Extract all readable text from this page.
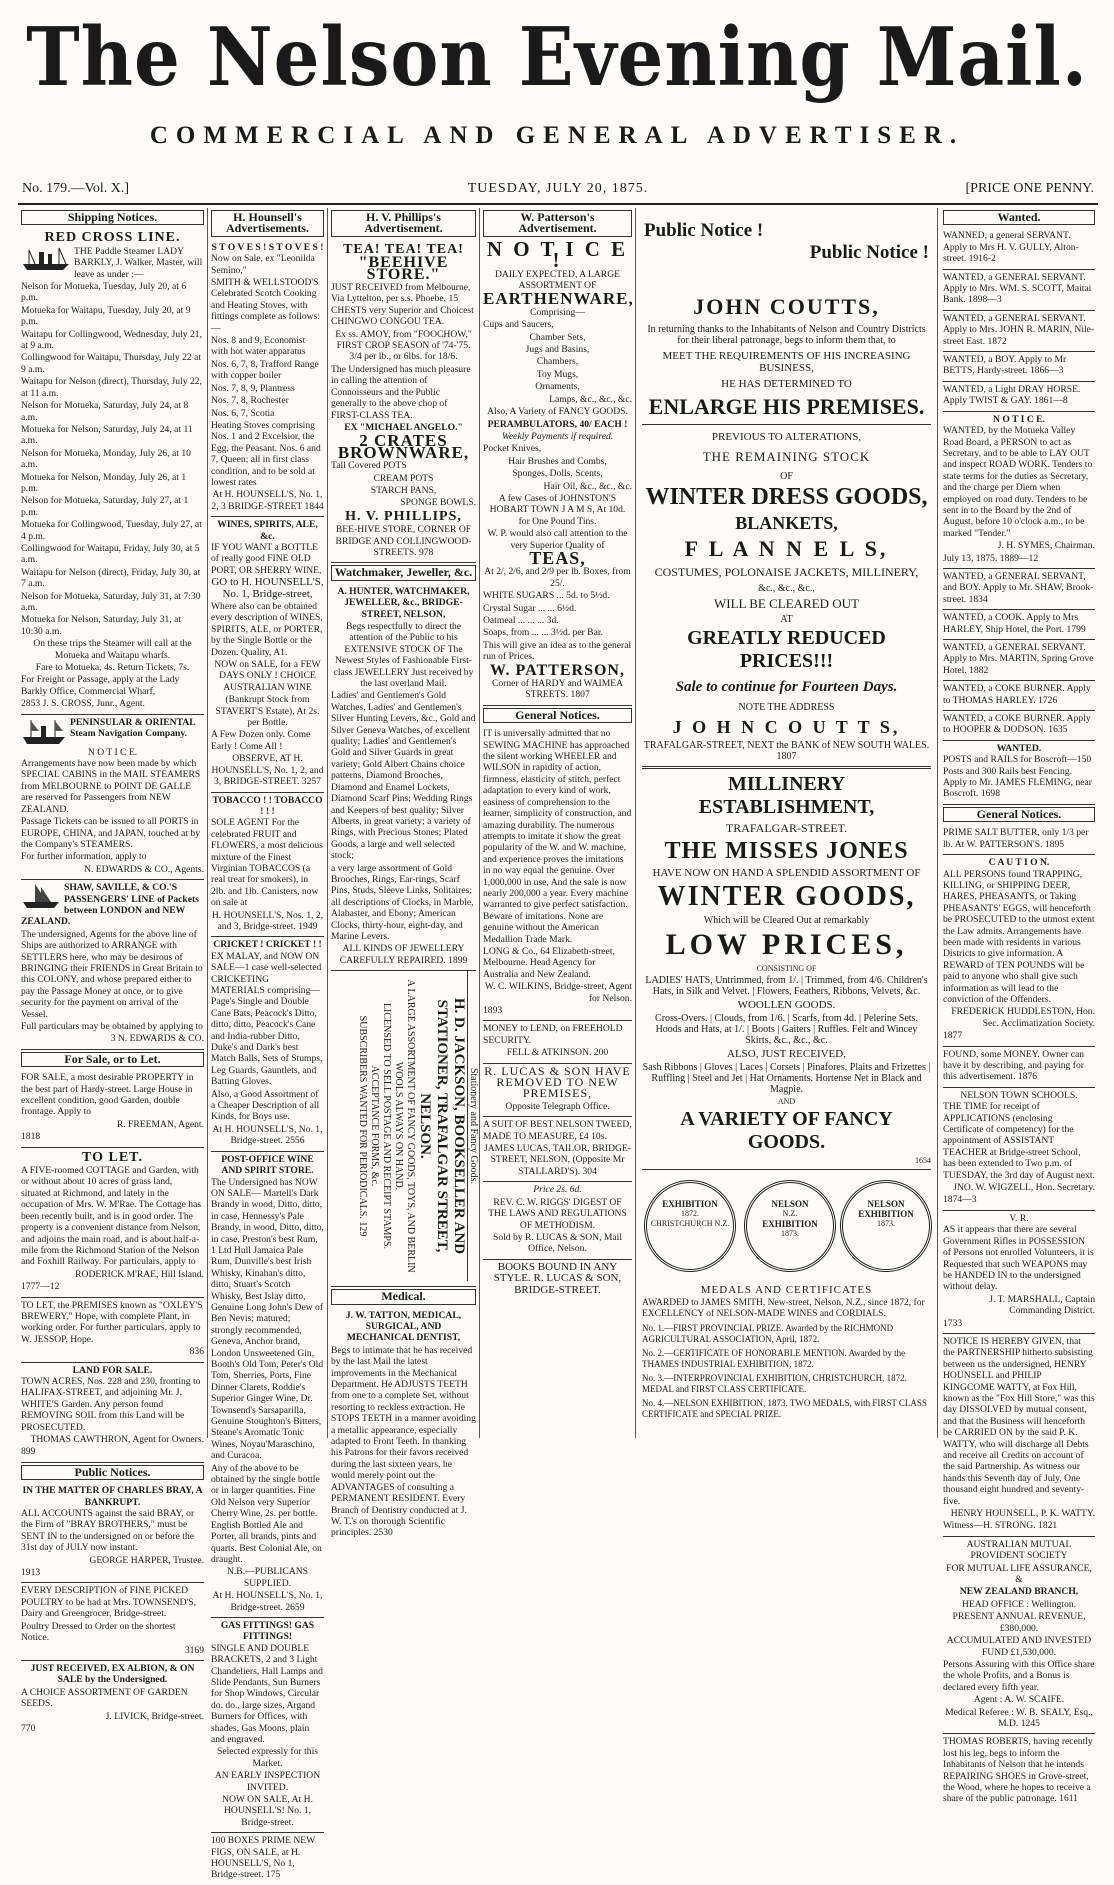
The Nelson Evening Mail.
COMMERCIAL AND GENERAL ADVERTISER.
No. 179.—Vol. X.]	TUESDAY, JULY 20, 1875.	[PRICE ONE PENNY.
Shipping Notices.
RED CROSS LINE.

THE Paddle Steamer LADY BARKLY, J. Walker, Master, will leave as under :—

Nelson for Motueka, Tuesday, July 20, at 6 p.m.

Motueka for Waitapu, Tuesday, July 20, at 9 p.m.

Waitapu for Collingwood, Wednesday, July 21, at 9 a.m.

Collingwood for Waitapu, Thursday, July 22 at 9 a.m.

Waitapu for Nelson (direct), Thursday, July 22, at 11 a.m.

Nelson for Motueka, Saturday, July 24, at 8 a.m.

Motueka for Nelson, Saturday, July 24, at 11 a.m.

Nelson for Motueka, Monday, July 26, at 10 a.m.

Motueka for Nelson, Monday, July 26, at 1 p.m.

Nelson for Motueka, Saturday, July 27, at 1 p.m.

Motueka for Collingwood, Tuesday, July 27, at 4 p.m.

Collingwood for Waitapu, Friday, July 30, at 5 a.m.

Waitapu for Nelson (direct), Friday, July 30, at 7 a.m.

Nelson for Motueka, Saturday, July 31, at 7:30 a.m.

Motueka for Nelson, Saturday, July 31, at 10:30 a.m.

On these trips the Steamer will call at the Motueka and Waitapu wharfs.

Fare to Motueka, 4s. Return Tickets, 7s.

For Freight or Passage, apply at the Lady Barkly Office, Commercial Wharf,

2853 J. S. CROSS, Junr., Agent.

PENINSULAR & ORIENTAL Steam Navigation Company.

N O T I C E.

Arrangements have now been made by which SPECIAL CABINS in the MAIL STEAMERS from MELBOURNE to POINT DE GALLE are reserved for Passengers from NEW ZEALAND.

Passage Tickets can be issued to all PORTS in EUROPE, CHINA, and JAPAN, touched at by the Company's STEAMERS.

For further information, apply to

N. EDWARDS & CO., Agents.

SHAW, SAVILLE, & CO.'S PASSENGERS' LINE of Packets between LONDON and NEW ZEALAND.

The undersigned, Agents for the above line of Ships are authorized to ARRANGE with SETTLERS here, who may be desirous of BRINGING their FRIENDS in Great Britain to this COLONY, and whose prepared either to pay the Passage Money at once, or to give security for the payment on arrival of the Vessel.

Full particulars may be obtained by applying to

3 N. EDWARDS & CO.

For Sale, or to Let.

FOR SALE, a most desirable PROPERTY in the best part of Hardy-street. Large House in excellent condition, good Garden, double frontage. Apply to

R. FREEMAN, Agent.

1818

TO LET.

A FIVE-roomed COTTAGE and Garden, with or without about 10 acres of grass land, situated at Richmond, and lately in the occupation of Mrs. W. M'Rae. The Cottage has been recently built, and is in good order. The property is a convenient distance from Nelson, and adjoins the main road, and is about half-a-mile from the Richmond Station of the Nelson and Foxhill Railway. For particulars, apply to

RODERICK M'RAE, Hill Island.

1777—12

TO LET, the PREMISES known as "OXLEY'S BREWERY," Hope, with complete Plant, in working order. For further particulars, apply to W. JESSOP, Hope.

836

LAND FOR SALE.

TOWN ACRES, Nos. 228 and 230, fronting to HALIFAX-STREET, and adjoining Mr. J. WHITE'S Garden. Any person found REMOVING SOIL from this Land will be PROSECUTED.

THOMAS CAWTHRON, Agent for Owners.

899

Public Notices.
IN THE MATTER OF CHARLES BRAY, A BANKRUPT.

ALL ACCOUNTS against the said BRAY, or the Firm of "BRAY BROTHERS," must be SENT IN to the undersigned on or before the 31st day of JULY now instant.

GEORGE HARPER, Trustee.

1913

EVERY DESCRIPTION of FINE PICKED POULTRY to be had at Mrs. TOWNSEND'S, Dairy and Greengrocer, Bridge-street.

Poultry Dressed to Order on the shortest Notice.

3169

JUST RECEIVED, EX ALBION, & ON SALE by the Undersigned.

A CHOICE ASSORTMENT OF GARDEN SEEDS.

J. LIVICK, Bridge-street.

770

H. Hounsell's Advertisements.
S T O V E S ! S T O V E S !

Now on Sale, ex "Leonilda Semino,"

SMITH & WELLSTOOD'S Celebrated Scotch Cooking and Heating Stoves, with fittings complete as follows:—

Nos. 8 and 9, Economist with hot water apparatus

Nos. 6, 7, 8, Trafford Range with copper boiler

Nos. 7, 8, 9, Plantress

Nos. 7, 8, Rochester

Nos. 6, 7, Scotia

Heating Stoves comprising Nos. 1 and 2 Excelsior, the Egg, the Peasant. Nos. 6 and 7, Queen; all in first class condition, and to be sold at lowest rates

At H. HOUNSELL'S, No. 1, 2, 3 BRIDGE-STREET 1844

WINES, SPIRITS, ALE, &c.

IF YOU WANT a BOTTLE of really good FINE OLD PORT, OR SHERRY WINE,

GO to H. HOUNSELL'S, No. 1, Bridge-street,

Where also can be obtained every description of WINES, SPIRITS, ALE, or PORTER, by the Single Bottle or the Dozen. Quality, A1.

NOW on SALE, for a FEW DAYS ONLY ! CHOICE AUSTRALIAN WINE

(Bankrupt Stock from STAVERT'S Estate), At 2s. per Bottle.

A Few Dozen only. Come Early ! Come All !

OBSERVE, AT H. HOUNSELL'S, No. 1, 2, and 3, BRIDGE-STREET. 3257

TOBACCO ! ! TOBACCO ! ! !

SOLE AGENT For the celebrated FRUIT and FLOWERS, a most delicious mixture of the Finest Virginian TOBACCOS (a real treat for smokers), in 2lb. and 1lb. Canisters, now on sale at

H. HOUNSELL'S, Nos. 1, 2, and 3, Bridge-street. 1949

CRICKET ! CRICKET ! !

EX MALAY, and NOW ON SALE—1 case well-selected CRICKETING MATERIALS comprising— Page's Single and Double Cane Bats, Peacock's Ditto, ditto, ditto, Peacock's Cane and India-rubber Ditto, Duke's and Dark's best Match Balls, Sets of Stumps, Leg Guards, Gauntlets, and Batting Gloves.

Also, a Good Assortment of a Cheaper Description of all Kinds, for Boys use.

At H. HOUNSELL'S, No. 1, Bridge-street. 2556

POST-OFFICE WINE AND SPIRIT STORE.

The Undersigned has NOW ON SALE— Martell's Dark Brandy in wood, Ditto, ditto, in case, Hennessy's Pale Brandy, in wood, Ditto, ditto, in case, Preston's best Rum, 1 Ltd Hull Jamaica Pale Rum, Dunville's best Irish Whisky, Kinahan's ditto, ditto, Stuart's Scotch Whisky, Best Islay ditto, Genuine Long John's Dew of Ben Nevis; matured; strongly recommended, Geneva, Anchor brand, London Unsweetened Gin, Booth's Old Tom, Peter's Old Tom, Sherries, Ports, Fine Dinner Clarets, Roddie's Superior Ginger Wine, Dr. Townsend's Sarsaparilla, Genuine Stoughton's Bitters, Steane's Aromatic Tonic Wines, Noyau'Maraschino, and Curacoa.

Any of the above to be obtained by the single bottle or in larger quantities. Fine Old Nelson very Superior Cherry Wine, 2s. per bottle. English Bottled Ale and Porter, all brands, pints and quarts. Best Colonial Ale, on draught.

N.B.—PUBLICANS SUPPLIED.

At H. HOUNSELL'S, No. 1, Bridge-street. 2659

GAS FITTINGS! GAS FITTINGS!

SINGLE AND DOUBLE BRACKETS, 2 and 3 Light Chandeliers, Hall Lamps and Slide Pendants, Sun Burners for Shop Windows, Circular do. do., large sizes, Argand Burners for Offices, with shades, Gas Moons, plain and engraved.

Selected expressly for this Market.

AN EARLY INSPECTION INVITED.

NOW ON SALE, At H. HOUNSELL'S! No. 1, Bridge-street.

100 BOXES PRIME NEW FIGS, ON SALE, at H. HOUNSELL'S, No 1, Bridge-street. 175

H. V. Phillips's Advertisement.
TEA! TEA! TEA!
"BEEHIVE STORE."

JUST RECEIVED from Melbourne, Via Lyttelton, per s.s. Phoebe, 15 CHESTS very Superior and Choicest CHINGWO CONGOU TEA.

Ex ss. AMOY, from "FOOCHOW," FIRST CROP SEASON of '74-'75. 3/4 per lb., or 6lbs. for 18/6.

The Undersigned has much pleasure in calling the attention of Connoisseurs and the Public generally to the above chop of FIRST-CLASS TEA.

EX "MICHAEL ANGELO."

2 CRATES BROWNWARE,

Tall Covered POTS

CREAM POTS

STARCH PANS,

SPONGE BOWLS.

H. V. PHILLIPS,

BEE-HIVE STORE, CORNER OF BRIDGE AND COLLINGWOOD-STREETS. 978

Watchmaker, Jeweller, &c.

A. HUNTER, WATCHMAKER, JEWELLER, &c., BRIDGE-STREET, NELSON,

Begs respectfully to direct the attention of the Public to his EXTENSIVE STOCK OF The Newest Styles of Fashionable First-class JEWELLERY Just received by the last overland Mail.

Ladies' and Gentlemen's Gold Watches, Ladies' and Gentlemen's Silver Hunting Levers, &c., Gold and Silver Geneva Watches, of excellent quality; Ladies' and Gentlemen's Gold and Silver Guards in great variety; Gold Albert Chains choice patterns, Diamond Brooches, Diamond and Enamel Lockets, Diamond Scarf Pins; Wedding Rings and Keepers of best quality; Silver Alberts, in great variety; a variety of Rings, with Precious Stones; Plated Goods, a large and well selected stock;

a very large assortment of Gold Brooches, Rings, Ear-rings, Scarf Pins, Studs, Sleeve Links, Solitaires; all descriptions of Clocks, in Marble, Alabaster, and Ebony; American Clocks, thirty-hour, eight-day, and Marine Levers.

ALL KINDS OF JEWELLERY CAREFULLY REPAIRED. 1899

Stationery and Fancy Goods.
H. D. JACKSON, BOOKSELLER AND STATIONER, TRAFALGAR STREET, NELSON.
A LARGE ASSORTMENT OF FANCY GOODS, TOYS, AND BERLIN WOOLS ALWAYS ON HAND.
LICENSED TO SELL POSTAGE AND RECEIPT STAMPS. ACCEPTANCE FORMS, &c.
SUBSCRIBERS WANTED FOR PERIODICALS. 129
Medical.

J. W. TATTON, MEDICAL, SURGICAL, AND MECHANICAL DENTIST,

Begs to intimate that he has received by the last Mail the latest improvements in the Mechanical Department. He ADJUSTS TEETH from one to a complete Set, without resorting to reckless extraction. He STOPS TEETH in a manner avoiding a metallic appearance, especially adapted to Front Teeth. In thanking his Patrons for their favors received during the last sixteen years, he would merely point out the ADVANTAGES of consulting a PERMANENT RESIDENT. Every Branch of Dentistry conducted at J. W. T.'s on thorough Scientific principles. 2530

W. Patterson's Advertisement.
N O T I C E !

DAILY EXPECTED, A LARGE ASSORTMENT OF

EARTHENWARE,

Comprising—

Cups and Saucers,

Chamber Sets,

Jugs and Basins,

Chambers,

Toy Mugs,

Ornaments,

Lamps, &c., &c., &c.

Also, A Variety of FANCY GOODS.

PERAMBULATORS, 40/ EACH !

Weekly Payments if required.

Pocket Knives,

Hair Brushes and Combs,

Sponges, Dolls, Scents,

Hair Oil, &c., &c., &c.

A few Cases of JOHNSTON'S HOBART TOWN J A M S, At 10d. for One Pound Tins.

W. P. would also call attention to the very Superior Quality of

TEAS,

At 2/, 2/6, and 2/9 per lb. Boxes, from 25/.

WHITE SUGARS ... 5d. to 5½d.

Crystal Sugar ... ... 6½d.

Oatmeal ... ... ... 3d.

Soaps, from ... ... 3½d. per Bar.

This will give an idea as to the general run of Prices.

W. PATTERSON,

Corner of HARDY and WAIMEA STREETS. 1807

General Notices.

IT is universally admitted that no SEWING MACHINE has approached the silent working WHEELER and WILSON in rapidity of action, firmness, elasticity of stitch, perfect adaptation to every kind of work, easiness of comprehension to the learner, simplicity of construction, and amazing durability. The numerous attempts to imitate it show the great popularity of the W. and W. machine, and experience proves the imitations in no way equal the genuine. Over 1,000,000 in use, And the sale is now nearly 200,000 a year. Every machine warranted to give perfect satisfaction. Beware of imitations. None are genuine without the American Medallion Trade Mark.

LONG & Co., 64 Elizabeth-street, Melbourne. Head Agency for Australia and New Zealand.

W. C. WILKINS, Bridge-street, Agent for Nelson.

1893

MONEY to LEND, on FREEHOLD SECURITY.

FELL & ATKINSON. 200

R. LUCAS & SON HAVE REMOVED TO NEW PREMISES,

Opposite Telegraph Office.

A SUIT OF BEST NELSON TWEED, MADE TO MEASURE, £4 10s.

JAMES LUCAS, TAILOR, BRIDGE-STREET, NELSON, (Opposite Mr STALLARD'S). 304

Price 2s. 6d.

REV. C. W. RIGGS' DIGEST OF THE LAWS AND REGULATIONS OF METHODISM.

Sold by R. LUCAS & SON, Mail Office, Nelson.

BOOKS BOUND IN ANY STYLE. R. LUCAS & SON, BRIDGE-STREET.

Public Notice !
Public Notice !
JOHN COUTTS,

In returning thanks to the Inhabitants of Nelson and Country Districts for their liberal patronage, begs to inform them that, to

MEET THE REQUIREMENTS OF HIS INCREASING BUSINESS,

HE HAS DETERMINED TO

ENLARGE HIS PREMISES.

PREVIOUS TO ALTERATIONS,

THE REMAINING STOCK

OF

WINTER DRESS GOODS,
BLANKETS,
F L A N N E L S,

COSTUMES, POLONAISE JACKETS, MILLINERY,

&c., &c., &c.,

WILL BE CLEARED OUT

AT

GREATLY REDUCED PRICES!!!

Sale to continue for Fourteen Days.

NOTE THE ADDRESS

J O H N C O U T T S,

TRAFALGAR-STREET, NEXT the BANK of NEW SOUTH WALES. 1807

MILLINERY ESTABLISHMENT,

TRAFALGAR-STREET.

THE MISSES JONES

HAVE NOW ON HAND A SPLENDID ASSORTMENT OF

WINTER GOODS,

Which will be Cleared Out at remarkably

LOW PRICES,

CONSISTING OF

LADIES' HATS, Untrimmed, from 1/. | Trimmed, from 4/6. Children's Hats, in Silk and Velvet. | Flowers, Feathers, Ribbons, Velvets, &c.

WOOLLEN GOODS.

Cross-Overs. | Clouds, from 1/6. | Scarfs, from 4d. | Pelerine Sets. Hoods and Hats, at 1/. | Boots | Gaiters | Ruffles. Felt and Wincey Skirts, &c., &c., &c.

ALSO, JUST RECEIVED,

Sash Ribbons | Gloves | Laces | Corsets | Pinafores. Plaits and Frizettes | Ruffling | Steel and Jet | Hat Ornaments. Hortense Net in Black and Magpie.

AND

A VARIETY OF FANCY GOODS.

1654

EXHIBITION
1872.
CHRISTCHURCH N.Z.
NELSON
N.Z.

EXHIBITION
1873.
NELSON
EXHIBITION
1873.

MEDALS AND CERTIFICATES

AWARDED to JAMES SMITH, New-street, Nelson, N.Z., since 1872, for EXCELLENCY of NELSON-MADE WINES and CORDIALS.

No. 1.—FIRST PROVINCIAL PRIZE. Awarded by the RICHMOND AGRICULTURAL ASSOCIATION, April, 1872.

No. 2.—CERTIFICATE OF HONORABLE MENTION. Awarded by the THAMES INDUSTRIAL EXHIBITION, 1872.

No. 3.—INTERPROVINCIAL EXHIBITION, CHRISTCHURCH, 1872. MEDAL and FIRST CLASS CERTIFICATE.

No. 4.—NELSON EXHIBITION, 1873. TWO MEDALS, with FIRST CLASS CERTIFICATE and SPECIAL PRIZE.

Wanted.

WANNED, a general SERVANT. Apply to Mrs H. V. GULLY, Alton-street. 1916-2

WANTED, a GENERAL SERVANT. Apply to Mrs. WM. S. SCOTT, Maitai Bank. 1898—3

WANTED, a GENERAL SERVANT. Apply to Mrs. JOHN R. MARIN, Nile-street East. 1872

WANTED, a BOY. Apply to Mr BETTS, Hardy-street. 1866—3

WANTED, a Light DRAY HORSE. Apply TWIST & GAY. 1861—8

N O T I C E.

WANTED, by the Motueka Valley Road Board, a PERSON to act as Secretary, and to be able to LAY OUT and inspect ROAD WORK. Tenders to state terms for the duties as Secretary, and the charge per Diem when employed on road duty. Tenders to be sent in to the Board by the 2nd of August, before 10 o'clock a.m., to be marked "Tender."

J. H. SYMES, Chairman.

July 13, 1875. 1889—12

WANTED, a GENERAL SERVANT, and BOY. Apply to Mr. SHAW, Brook-street. 1834

WANTED, a COOK. Apply to Mrs HARLEY, Ship Hotel, the Port. 1799

WANTED, a GENERAL SERVANT. Apply to Mrs. MARTIN, Spring Grove Hotel. 1882

WANTED, a COKE BURNER. Apply to THOMAS HARLEY. 1726

WANTED, a COKE BURNER. Apply to HOOPER & DODSON. 1635

WANTED.

POSTS and RAILS for Boscroft—150 Posts and 300 Rails best Fencing. Apply to Mr. JAMES FLEMING, near Boscroft. 1698

General Notices.

PRIME SALT BUTTER, only 1/3 per lb. At W. PATTERSON'S. 1895

C A U T I O N.

ALL PERSONS found TRAPPING, KILLING, or SHIPPING DEER, HARES, PHEASANTS, or Taking PHEASANTS' EGGS, will henceforth be PROSECUTED to the utmost extent the Law admits. Arrangements have been made with residents in various Districts to give information. A REWARD of TEN POUNDS will be paid to anyone who shall give such information as will lead to the conviction of the Offenders.

FREDERICK HUDDLESTON, Hon. Sec. Acclimatization Society.

1877

FOUND, some MONEY. Owner can have it by describing, and paying for this advertisement. 1876

NELSON TOWN SCHOOLS.

THE TIME for receipt of APPLICATIONS (enclosing Certificate of competency) for the appointment of ASSISTANT TEACHER at Bridge-street School, has been extended to Two p.m. of TUESDAY, the 3rd day of August next.

JNO. W. WIGZELL, Hon. Secretary.

1874—3

V. R.

AS it appears that there are several Government Rifles in POSSESSION of Persons not enrolled Volunteers, it is Requested that such WEAPONS may be HANDED IN to the undersigned without delay.

J. T. MARSHALL, Captain Commanding District.

1733

NOTICE IS HEREBY GIVEN, that the PARTNERSHIP hitherto subsisting between us the undersigned, HENRY HOUNSELL and PHILIP KINGCOME WATTY, at Fox Hill, known as the "Fox Hill Store," was this day DISSOLVED by mutual consent, and that the Business will henceforth be CARRIED ON by the said P. K. WATTY, who will discharge all Debts and receive all Credits on account of the said Partnership. As witness our hands this Seventh day of July, One thousand eight hundred and seventy-five.

HENRY HOUNSELL, P. K. WATTY.

Witness—H. STRONG. 1821

AUSTRALIAN MUTUAL PROVIDENT SOCIETY

FOR MUTUAL LIFE ASSURANCE, &

NEW ZEALAND BRANCH,

HEAD OFFICE : Wellington.

PRESENT ANNUAL REVENUE, £380,000.

ACCUMULATED AND INVESTED FUND £1,530,000.

Persons Assuring with this Office share the whole Profits, and a Bonus is declared every fifth year.

Agent : A. W. SCAIFE.

Medical Referee : W. B. SEALY, Esq., M.D. 1245

THOMAS ROBERTS, having recently lost his leg, begs to inform the Inhabitants of Nelson that he intends REPAIRING SHOES in Grove-street, the Wood, where he hopes to receive a share of the public patronage. 1611
